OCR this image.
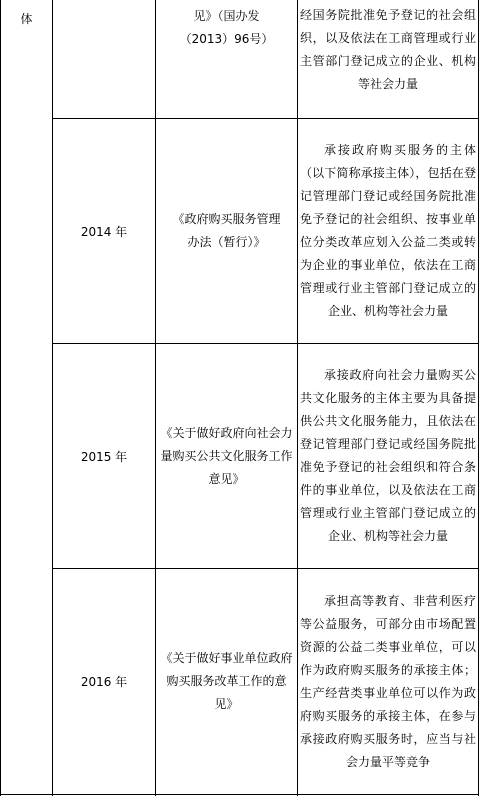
体	见》（国办发（2013）96号）
经国务院批准免予登记的社会组织，以及依法在工商管理或行业主管部门登记成立的企业、机构等社会力量
2014 年
《政府购买服务管理办法（暂行）》
承接政府购买服务的主体（以下简称承接主体），包括在登记管理部门登记或经国务院批准免予登记的社会组织、按事业单位分类改革应划入公益二类或转为企业的事业单位，依法在工商管理或行业主管部门登记成立的企业、机构等社会力量
2015 年
《关于做好政府向社会力量购买公共文化服务工作意见》
承接政府向社会力量购买公共文化服务的主体主要为具备提供公共文化服务能力，且依法在登记管理部门登记或经国务院批准免予登记的社会组织和符合条件的事业单位，以及依法在工商管理或行业主管部门登记成立的企业、机构等社会力量
2016 年
《关于做好事业单位政府购买服务改革工作的意见》
承担高等教育、非营利医疗等公益服务，可部分由市场配置资源的公益二类事业单位，可以作为政府购买服务的承接主体；生产经营类事业单位可以作为政府购买服务的承接主体，在参与承接政府购买服务时，应当与社会力量平等竞争
